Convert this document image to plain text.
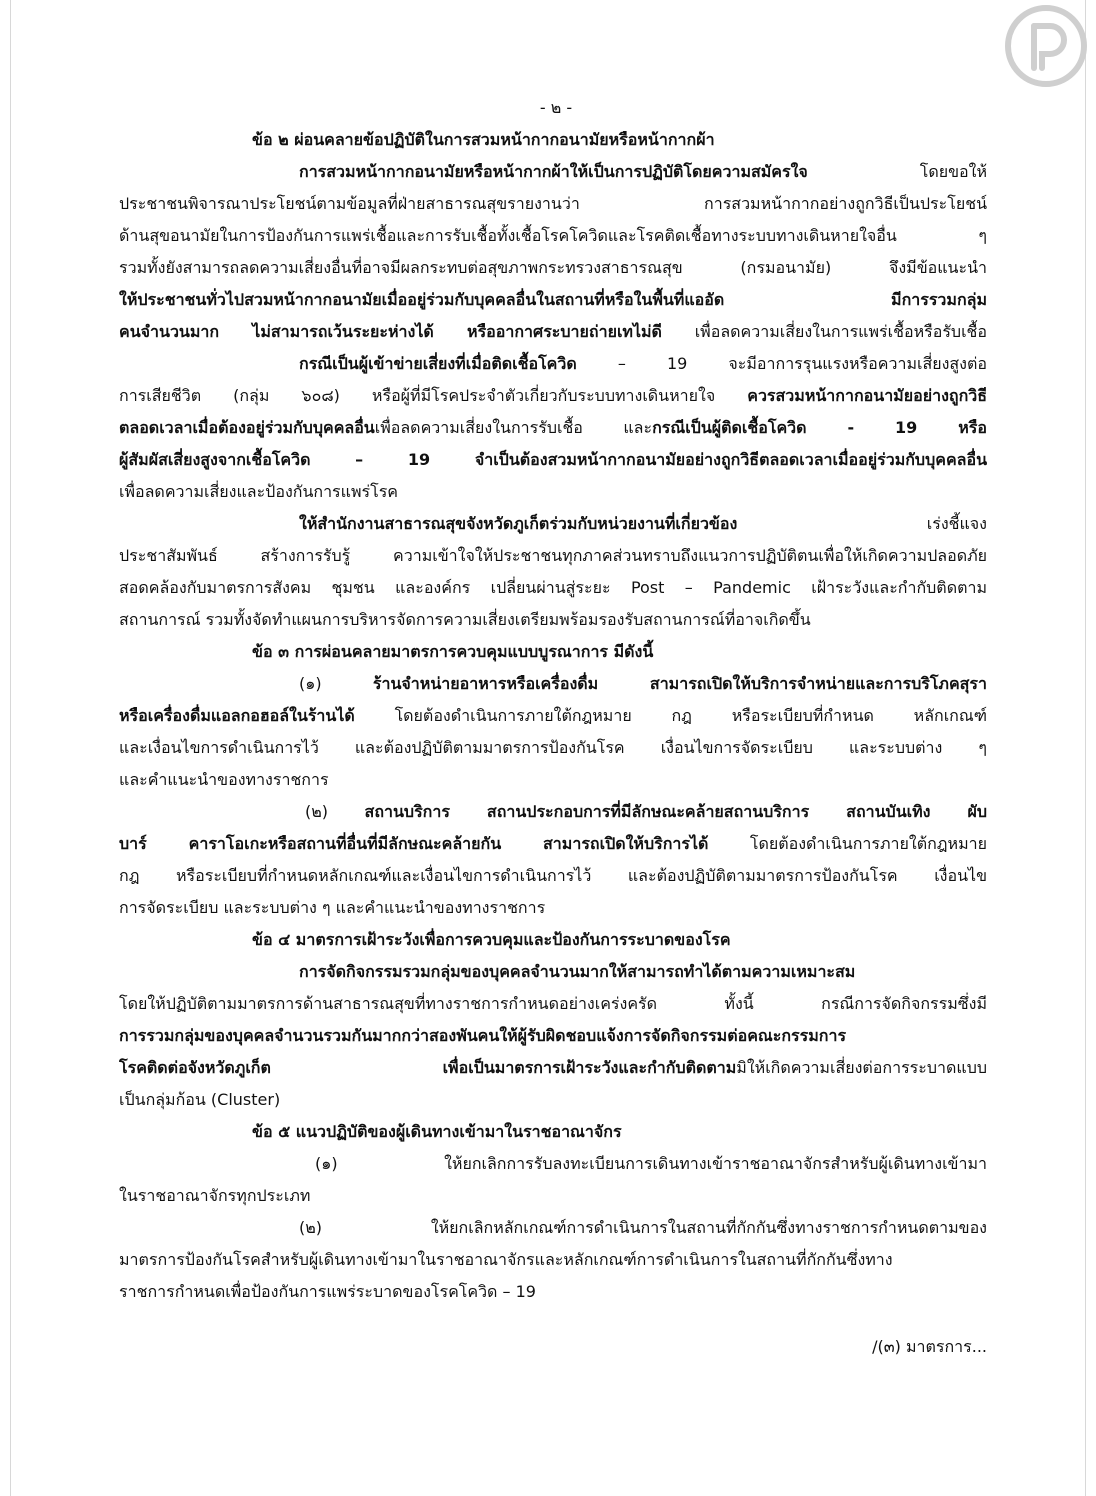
- ๒ -
ข้อ ๒ ผ่อนคลายข้อปฏิบัติในการสวมหน้ากากอนามัยหรือหน้ากากผ้า
การสวมหน้ากากอนามัยหรือหน้ากากผ้าให้เป็นการปฏิบัติโดยความสมัครใจ โดยขอให้
ประชาชนพิจารณาประโยชน์ตามข้อมูลที่ฝ่ายสาธารณสุขรายงานว่า การสวมหน้ากากอย่างถูกวิธีเป็นประโยชน์
ด้านสุขอนามัยในการป้องกันการแพร่เชื้อและการรับเชื้อทั้งเชื้อโรคโควิดและโรคติดเชื้อทางระบบทางเดินหายใจอื่น ๆ
รวมทั้งยังสามารถลดความเสี่ยงอื่นที่อาจมีผลกระทบต่อสุขภาพกระทรวงสาธารณสุข (กรมอนามัย) จึงมีข้อแนะนำ
ให้ประชาชนทั่วไปสวมหน้ากากอนามัยเมื่ออยู่ร่วมกับบุคคลอื่นในสถานที่หรือในพื้นที่แออัด มีการรวมกลุ่ม
คนจำนวนมาก ไม่สามารถเว้นระยะห่างได้ หรืออากาศระบายถ่ายเทไม่ดี เพื่อลดความเสี่ยงในการแพร่เชื้อหรือรับเชื้อ
กรณีเป็นผู้เข้าข่ายเสี่ยงที่เมื่อติดเชื้อโควิด – 19 จะมีอาการรุนแรงหรือความเสี่ยงสูงต่อ
การเสียชีวิต (กลุ่ม ๖๐๘) หรือผู้ที่มีโรคประจำตัวเกี่ยวกับระบบทางเดินหายใจ ควรสวมหน้ากากอนามัยอย่างถูกวิธี
ตลอดเวลาเมื่อต้องอยู่ร่วมกับบุคคลอื่นเพื่อลดความเสี่ยงในการรับเชื้อ และกรณีเป็นผู้ติดเชื้อโควิด - 19 หรือ
ผู้สัมผัสเสี่ยงสูงจากเชื้อโควิด – 19 จำเป็นต้องสวมหน้ากากอนามัยอย่างถูกวิธีตลอดเวลาเมื่ออยู่ร่วมกับบุคคลอื่น
เพื่อลดความเสี่ยงและป้องกันการแพร่โรค
ให้สำนักงานสาธารณสุขจังหวัดภูเก็ตร่วมกับหน่วยงานที่เกี่ยวข้อง เร่งชี้แจง
ประชาสัมพันธ์ สร้างการรับรู้ ความเข้าใจให้ประชาชนทุกภาคส่วนทราบถึงแนวการปฏิบัติตนเพื่อให้เกิดความปลอดภัย
สอดคล้องกับมาตรการสังคม ชุมชน และองค์กร เปลี่ยนผ่านสู่ระยะ Post – Pandemic เฝ้าระวังและกำกับติดตาม
สถานการณ์ รวมทั้งจัดทำแผนการบริหารจัดการความเสี่ยงเตรียมพร้อมรองรับสถานการณ์ที่อาจเกิดขึ้น
ข้อ ๓ การผ่อนคลายมาตรการควบคุมแบบบูรณาการ มีดังนี้
(๑) ร้านจำหน่ายอาหารหรือเครื่องดื่ม สามารถเปิดให้บริการจำหน่ายและการบริโภคสุรา
หรือเครื่องดื่มแอลกอฮอล์ในร้านได้ โดยต้องดำเนินการภายใต้กฎหมาย กฎ หรือระเบียบที่กำหนด หลักเกณฑ์
และเงื่อนไขการดำเนินการไว้ และต้องปฏิบัติตามมาตรการป้องกันโรค เงื่อนไขการจัดระเบียบ และระบบต่าง ๆ
และคำแนะนำของทางราชการ
(๒) สถานบริการ สถานประกอบการที่มีลักษณะคล้ายสถานบริการ สถานบันเทิง ผับ
บาร์ คาราโอเกะหรือสถานที่อื่นที่มีลักษณะคล้ายกัน สามารถเปิดให้บริการได้ โดยต้องดำเนินการภายใต้กฎหมาย
กฎ หรือระเบียบที่กำหนดหลักเกณฑ์และเงื่อนไขการดำเนินการไว้ และต้องปฏิบัติตามมาตรการป้องกันโรค เงื่อนไข
การจัดระเบียบ และระบบต่าง ๆ และคำแนะนำของทางราชการ
ข้อ ๔ มาตรการเฝ้าระวังเพื่อการควบคุมและป้องกันการระบาดของโรค
การจัดกิจกรรมรวมกลุ่มของบุคคลจำนวนมากให้สามารถทำได้ตามความเหมาะสม
โดยให้ปฏิบัติตามมาตรการด้านสาธารณสุขที่ทางราชการกำหนดอย่างเคร่งครัด ทั้งนี้ กรณีการจัดกิจกรรมซึ่งมี
การรวมกลุ่มของบุคคลจำนวนรวมกันมากกว่าสองพันคนให้ผู้รับผิดชอบแจ้งการจัดกิจกรรมต่อคณะกรรมการ
โรคติดต่อจังหวัดภูเก็ต เพื่อเป็นมาตรการเฝ้าระวังและกำกับติดตามมิให้เกิดความเสี่ยงต่อการระบาดแบบ
เป็นกลุ่มก้อน (Cluster)
ข้อ ๕ แนวปฏิบัติของผู้เดินทางเข้ามาในราชอาณาจักร
(๑) ให้ยกเลิกการรับลงทะเบียนการเดินทางเข้าราชอาณาจักรสำหรับผู้เดินทางเข้ามา
ในราชอาณาจักรทุกประเภท
(๒) ให้ยกเลิกหลักเกณฑ์การดำเนินการในสถานที่กักกันซึ่งทางราชการกำหนดตามของ
มาตรการป้องกันโรคสำหรับผู้เดินทางเข้ามาในราชอาณาจักรและหลักเกณฑ์การดำเนินการในสถานที่กักกันซึ่งทาง
ราชการกำหนดเพื่อป้องกันการแพร่ระบาดของโรคโควิด – 19
/(๓) มาตรการ...
